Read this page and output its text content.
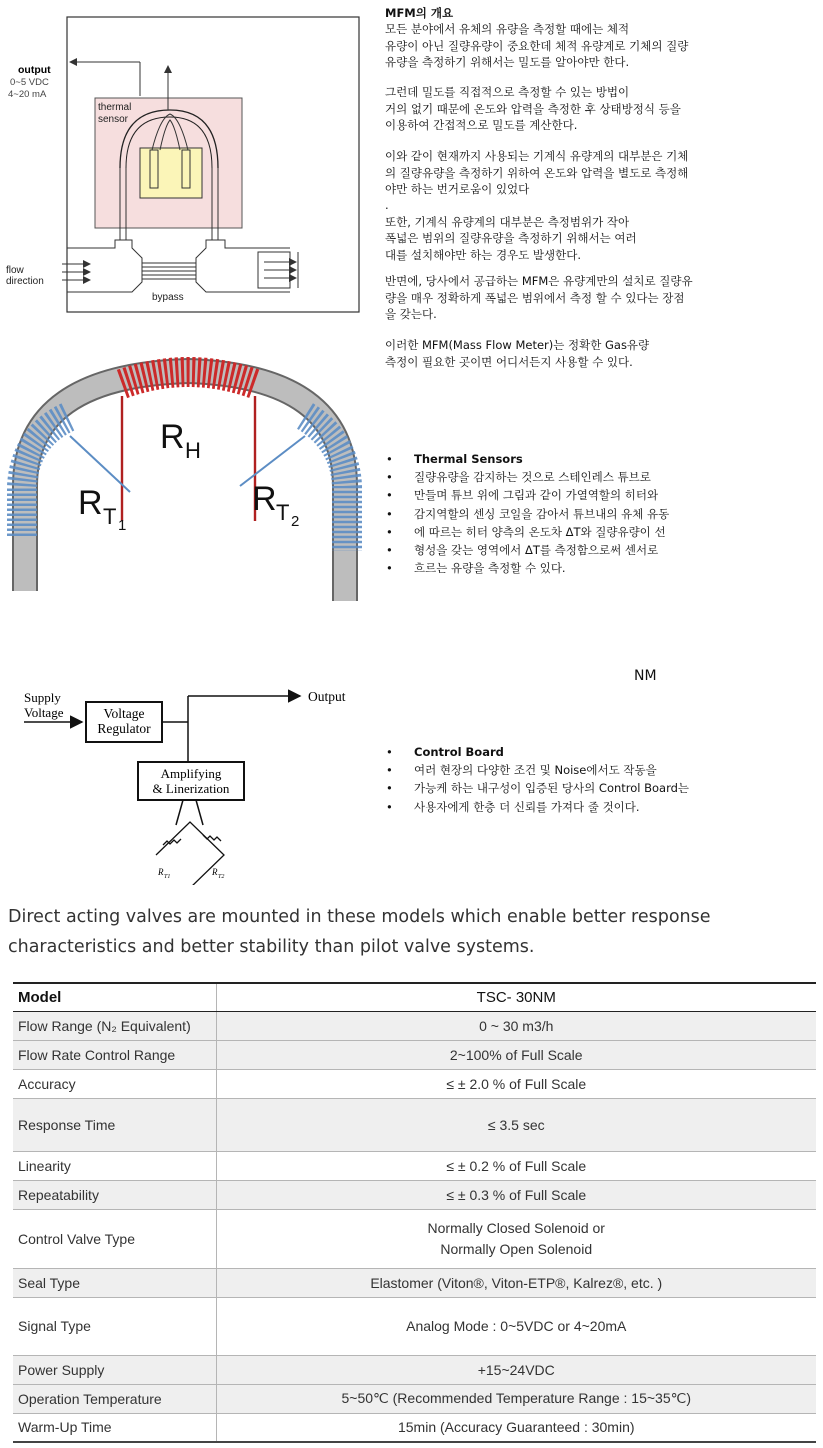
output
0~5 VDC
4~20 mA
thermal
sensor
flow
direction
bypass
MFM의 개요
모든 분야에서 유체의 유량을 측정할 때에는 체적
유량이 아닌 질량유량이 중요한데 체적 유량계로 기체의 질량
유량을 측정하기 위해서는 밀도를 알아야만 한다.
그런데 밀도를 직접적으로 측정할 수 있는 방법이
거의 없기 때문에 온도와 압력을 측정한 후 상태방정식 등을
이용하여 간접적으로 밀도를 계산한다.
이와 같이 현재까지 사용되는 기계식 유량계의 대부분은 기체
의 질량유량을 측정하기 위하여 온도와 압력을 별도로 측정해
야만 하는 번거로움이 있었다
.
또한, 기계식 유량계의 대부분은 측정범위가 작아
폭넓은 범위의 질량유량을 측정하기 위해서는 여러
대를 설치해야만 하는 경우도 발생한다.
반면에, 당사에서 공급하는 MFM은 유량계만의 설치로 질량유
량을 매우 정확하게 폭넓은 범위에서 측정 할 수 있다는 장점
을 갖는다.
이러한 MFM(Mass Flow Meter)는 정확한 Gas유량
측정이 필요한 곳이면 어디서든지 사용할 수 있다.
R H
R T 1
R T 2
•	Thermal Sensors
•	질량유량을 감지하는 것으로 스테인레스 튜브로
•	만들며 튜브 위에 그림과 같이 가열역할의 히터와
•	감지역할의 센싱 코일을 감아서 튜브내의 유체 유동
•	에 따르는 히터 양측의 온도차 ΔT와 질량유량이 선
•	형성을 갖는 영역에서 ΔT를 측정함으로써 센서로
•	흐르는 유량을 측정할 수 있다.
NM
Supply
Voltage	Voltage
Regulator
Output
Amplifying
& Linerization
R T1	R T2
•	Control Board
•	여러 현장의 다양한 조건 및 Noise에서도 작동을
•	가능케 하는 내구성이 입증된 당사의 Control Board는
•	사용자에게 한층 더 신뢰를 가져다 줄 것이다.
Direct acting valves are mounted in these models which enable better response characteristics and better stability than pilot valve systems.
Model	TSC- 30NM
Flow Range (N₂ Equivalent)	0 ~ 30 m3/h
Flow Rate Control Range	2~100% of Full Scale
Accuracy	≤ ± 2.0 % of Full Scale
Response Time	≤ 3.5 sec
Linearity	≤ ± 0.2 % of Full Scale
Repeatability	≤ ± 0.3 % of Full Scale
Control Valve Type	Normally Closed Solenoid or
Normally Open Solenoid

Seal Type	Elastomer (Viton®, Viton-ETP®, Kalrez®, etc. )
Signal Type	Analog Mode : 0~5VDC or 4~20mA
Power Supply	+15~24VDC
Operation Temperature	5~50℃ (Recommended Temperature Range : 15~35℃)
Warm-Up Time	15min (Accuracy Guaranteed : 30min)
